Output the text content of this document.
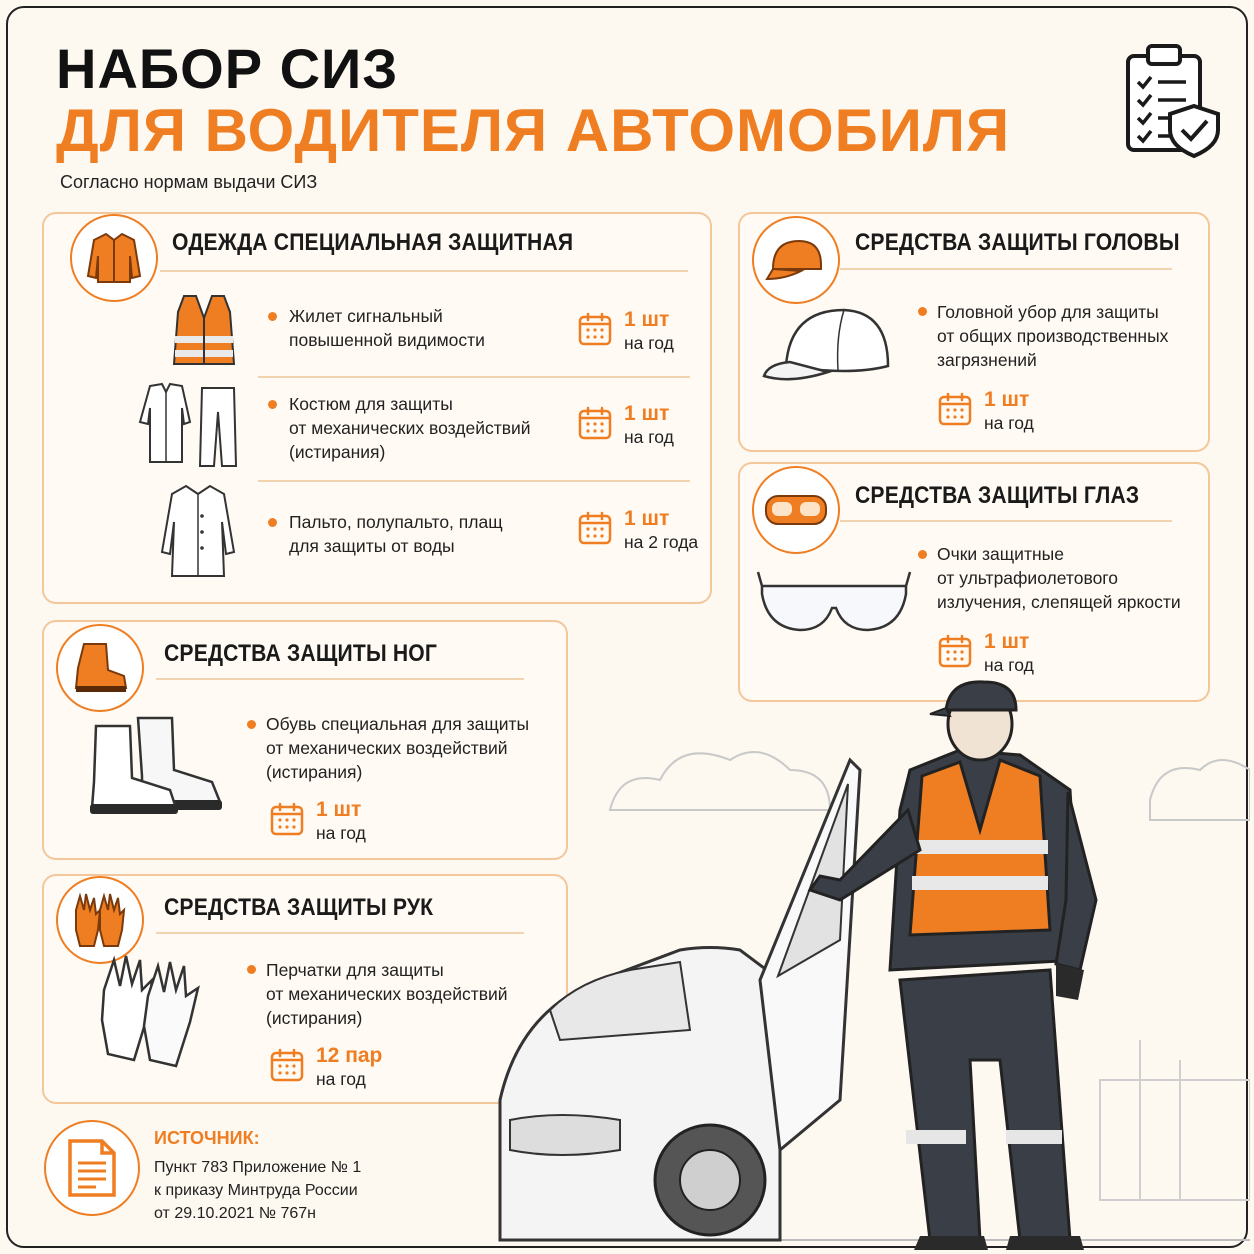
НАБОР СИЗ
ДЛЯ ВОДИТЕЛЯ АВТОМОБИЛЯ
Согласно нормам выдачи СИЗ
ОДЕЖДА СПЕЦИАЛЬНАЯ ЗАЩИТНАЯ
Жилет сигнальный
повышенной видимости
1 шт
на год
Костюм для защиты
от механических воздействий
(истирания)
1 шт
на год
Пальто, полупальто, плащ
для защиты от воды
1 шт
на 2 года
СРЕДСТВА ЗАЩИТЫ ГОЛОВЫ
Головной убор для защиты
от общих производственных
загрязнений
1 шт
на год
СРЕДСТВА ЗАЩИТЫ ГЛАЗ
Очки защитные
от ультрафиолетового
излучения, слепящей яркости
1 шт
на год
СРЕДСТВА ЗАЩИТЫ НОГ
Обувь специальная для защиты
от механических воздействий
(истирания)
1 шт
на год
СРЕДСТВА ЗАЩИТЫ РУК
Перчатки для защиты
от механических воздействий
(истирания)
12 пар
на год
ИСТОЧНИК:
Пункт 783 Приложение № 1
к приказу Минтруда России
от 29.10.2021 № 767н
